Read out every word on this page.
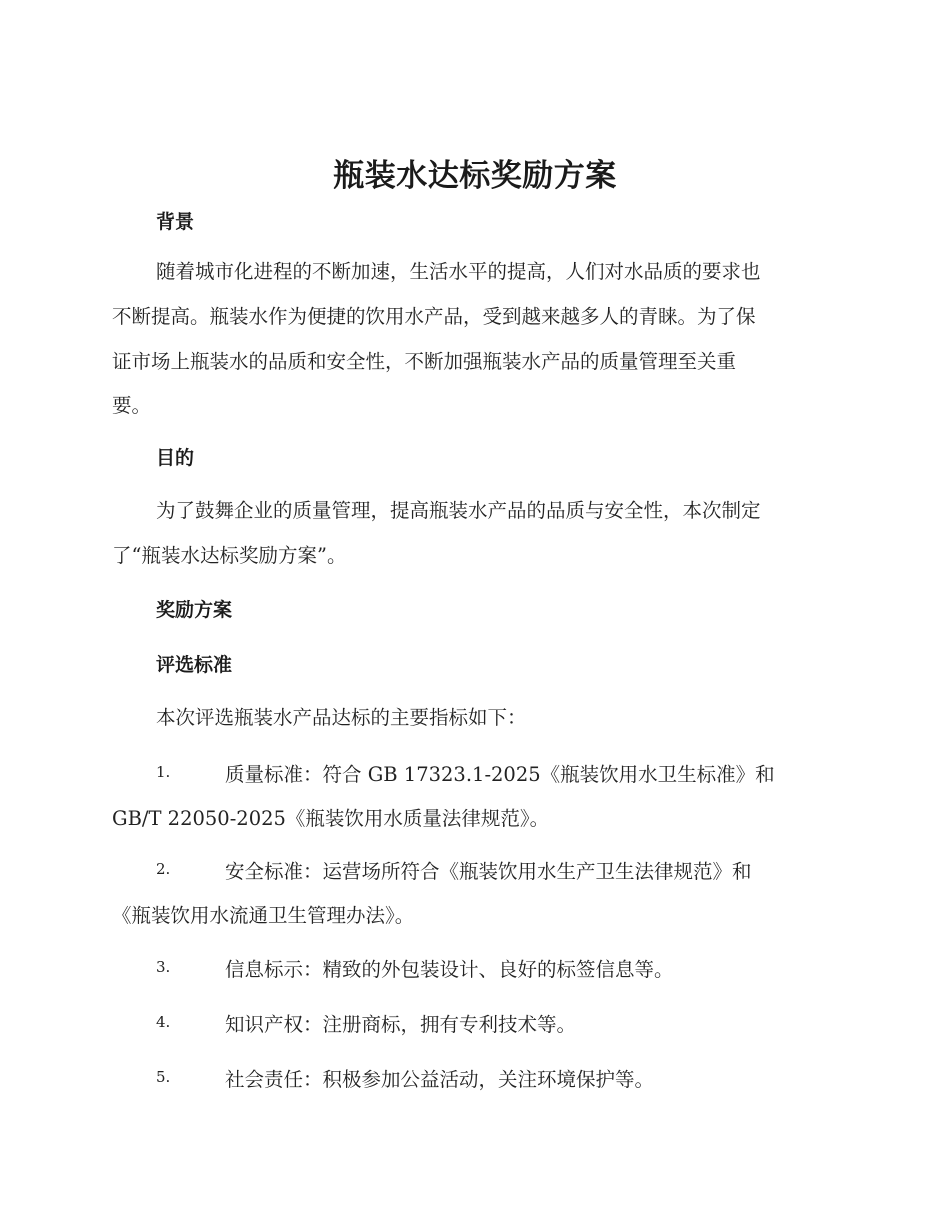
瓶装水达标奖励方案
背景
随着城市化进程的不断加速，生活水平的提高，人们对水品质的要求也
不断提高。瓶装水作为便捷的饮用水产品，受到越来越多人的青睐。为了保
证市场上瓶装水的品质和安全性，不断加强瓶装水产品的质量管理至关重
要。
目的
为了鼓舞企业的质量管理，提高瓶装水产品的品质与安全性，本次制定
了“瓶装水达标奖励方案”。
奖励方案
评选标准
本次评选瓶装水产品达标的主要指标如下：
1.	质量标准：符合 GB 17323.1-2025《瓶装饮用水卫生标准》和
GB/T 22050-2025《瓶装饮用水质量法律规范》。
2.	安全标准：运营场所符合《瓶装饮用水生产卫生法律规范》和
《瓶装饮用水流通卫生管理办法》。
3.	信息标示：精致的外包装设计、良好的标签信息等。
4.	知识产权：注册商标，拥有专利技术等。
5.	社会责任：积极参加公益活动，关注环境保护等。
